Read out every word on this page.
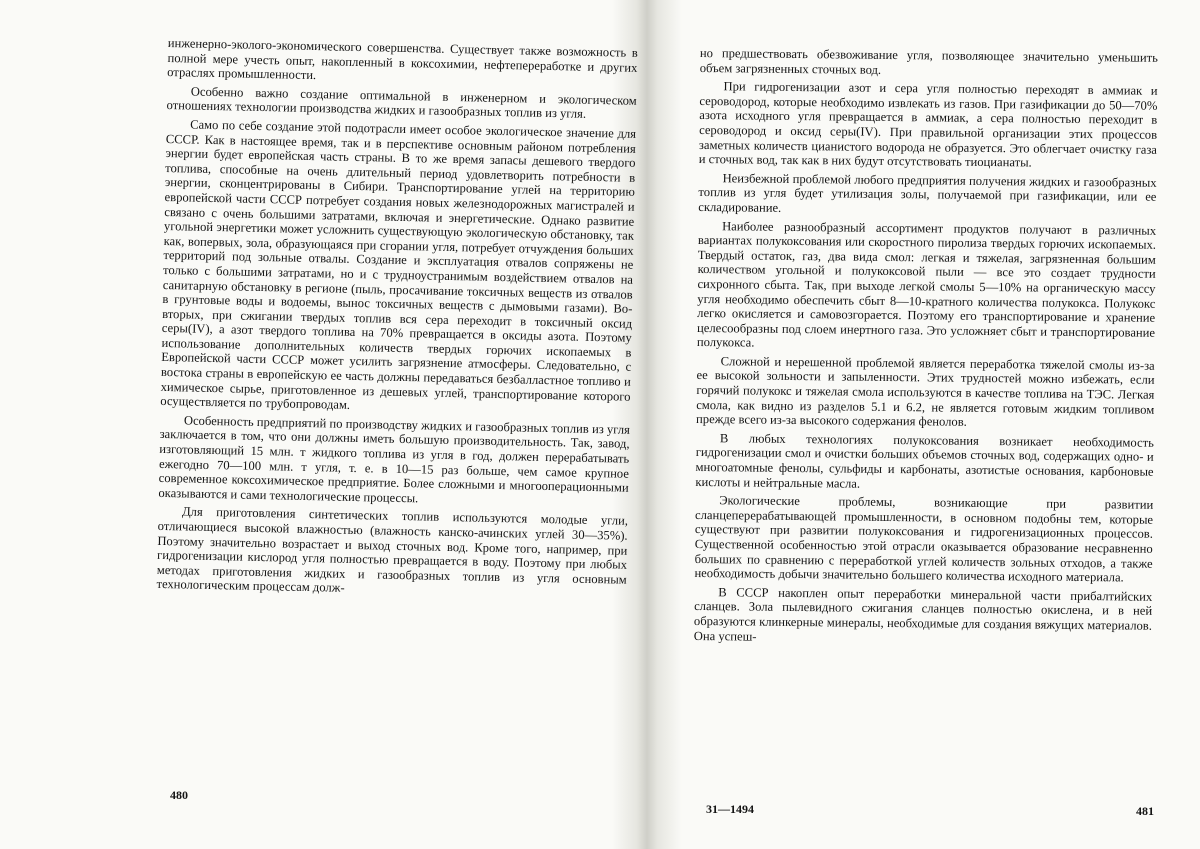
инженерно-эколого-экономического совершенства. Существует также возможность в полной мере учесть опыт, накопленный в коксохимии, нефтепереработке и других отраслях промышленности.

Особенно важно создание оптимальной в инженерном и экологическом отношениях технологии производства жидких и газообразных топлив из угля.

Само по себе создание этой подотрасли имеет особое экологическое значение для СССР. Как в настоящее время, так и в перспективе основным районом потребления энергии будет европейская часть страны. В то же время запасы дешевого твердого топлива, способные на очень длительный период удовлетворить потребности в энергии, сконцентрированы в Сибири. Транспортирование углей на территорию европейской части СССР потребует создания новых железнодорожных магистралей и связано с очень большими затратами, включая и энергетические. Однако развитие угольной энергетики может усложнить существующую экологическую обстановку, так как, вопервых, зола, образующаяся при сгорании угля, потребует отчуждения больших территорий под зольные отвалы. Создание и эксплуатация отвалов сопряжены не только с большими затратами, но и с трудноустранимым воздействием отвалов на санитарную обстановку в регионе (пыль, просачивание токсичных веществ из отвалов в грунтовые воды и водоемы, вынос токсичных веществ с дымовыми газами). Во-вторых, при сжигании твердых топлив вся сера переходит в токсичный оксид серы(IV), а азот твердого топлива на 70% превращается в оксиды азота. Поэтому использование дополнительных количеств твердых горючих ископаемых в Европейской части СССР может усилить загрязнение атмосферы. Следовательно, с востока страны в европейскую ее часть должны передаваться безбалластное топливо и химическое сырье, приготовленное из дешевых углей, транспортирование которого осуществляется по трубопроводам.

Особенность предприятий по производству жидких и газообразных топлив из угля заключается в том, что они должны иметь большую производительность. Так, завод, изготовляющий 15 млн. т жидкого топлива из угля в год, должен перерабатывать ежегодно 70—100 млн. т угля, т. е. в 10—15 раз больше, чем самое крупное современное коксохимическое предприятие. Более сложными и многооперационными оказываются и сами технологические процессы.

Для приготовления синтетических топлив используются молодые угли, отличающиеся высокой влажностью (влажность канско-ачинских углей 30—35%). Поэтому значительно возрастает и выход сточных вод. Кроме того, например, при гидрогенизации кислород угля полностью превращается в воду. Поэтому при любых методах приготовления жидких и газообразных топлив из угля основным технологическим процессам долж-

но предшествовать обезвоживание угля, позволяющее значительно уменьшить объем загрязненных сточных вод.

При гидрогенизации азот и сера угля полностью переходят в аммиак и сероводород, которые необходимо извлекать из газов. При газификации до 50—70% азота исходного угля превращается в аммиак, а сера полностью переходит в сероводород и оксид серы(IV). При правильной организации этих процессов заметных количеств цианистого водорода не образуется. Это облегчает очистку газа и сточных вод, так как в них будут отсутствовать тиоцианаты.

Неизбежной проблемой любого предприятия получения жидких и газообразных топлив из угля будет утилизация золы, получаемой при газификации, или ее складирование.

Наиболее разнообразный ассортимент продуктов получают в различных вариантах полукоксования или скоростного пиролиза твердых горючих ископаемых. Твердый остаток, газ, два вида смол: легкая и тяжелая, загрязненная большим количеством угольной и полукоксовой пыли — все это создает трудности сихронного сбыта. Так, при выходе легкой смолы 5—10% на органическую массу угля необходимо обеспечить сбыт 8—10-кратного количества полукокса. Полукокс легко окисляется и самовозгорается. Поэтому его транспортирование и хранение целесообразны под слоем инертного газа. Это усложняет сбыт и транспортирование полукокса.

Сложной и нерешенной проблемой является переработка тяжелой смолы из-за ее высокой зольности и запыленности. Этих трудностей можно избежать, если горячий полукокс и тяжелая смола используются в качестве топлива на ТЭС. Легкая смола, как видно из разделов 5.1 и 6.2, не является готовым жидким топливом прежде всего из-за высокого содержания фенолов.

В любых технологиях полукоксования возникает необходимость гидрогенизации смол и очистки больших объемов сточных вод, содержащих одно- и многоатомные фенолы, сульфиды и карбонаты, азотистые основания, карбоновые кислоты и нейтральные масла.

Экологические проблемы, возникающие при развитии сланцеперерабатывающей промышленности, в основном подобны тем, которые существуют при развитии полукоксования и гидрогенизационных процессов. Существенной особенностью этой отрасли оказывается образование несравненно больших по сравнению с переработкой углей количеств зольных отходов, а также необходимость добычи значительно большего количества исходного материала.

В СССР накоплен опыт переработки минеральной части прибалтийских сланцев. Зола пылевидного сжигания сланцев полностью окислена, и в ней образуются клинкерные минералы, необходимые для создания вяжущих материалов. Она успеш-

480
31—1494	481
